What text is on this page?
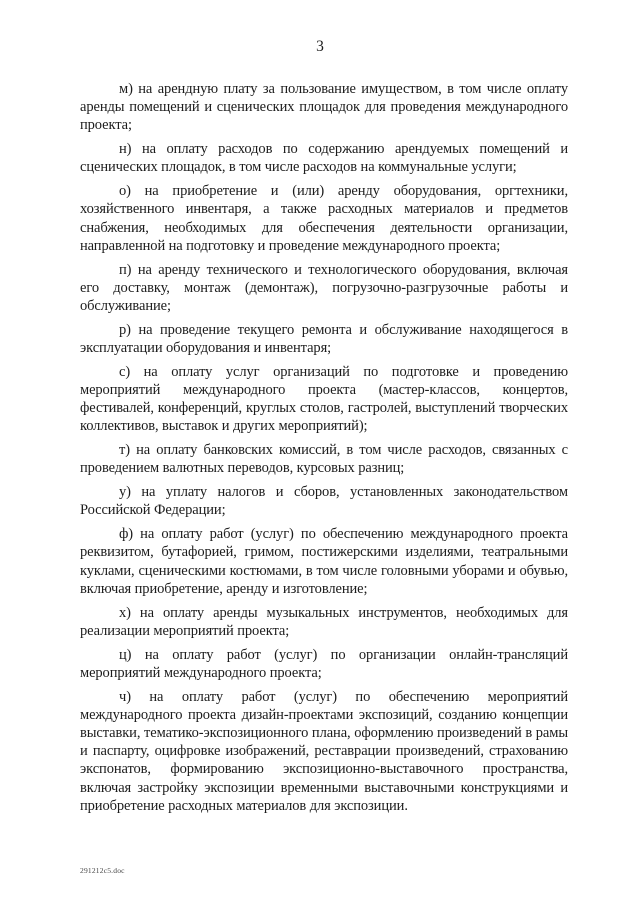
3

м) на арендную плату за пользование имуществом, в том числе оплату аренды помещений и сценических площадок для проведения международного проекта;

н) на оплату расходов по содержанию арендуемых помещений и сценических площадок, в том числе расходов на коммунальные услуги;

о) на приобретение и (или) аренду оборудования, оргтехники, хозяйственного инвентаря, а также расходных материалов и предметов снабжения, необходимых для обеспечения деятельности организации, направленной на подготовку и проведение международного проекта;

п) на аренду технического и технологического оборудования, включая его доставку, монтаж (демонтаж), погрузочно-разгрузочные работы и обслуживание;

р) на проведение текущего ремонта и обслуживание находящегося в эксплуатации оборудования и инвентаря;

с) на оплату услуг организаций по подготовке и проведению мероприятий международного проекта (мастер-классов, концертов, фестивалей, конференций, круглых столов, гастролей, выступлений творческих коллективов, выставок и других мероприятий);

т) на оплату банковских комиссий, в том числе расходов, связанных с проведением валютных переводов, курсовых разниц;

у) на уплату налогов и сборов, установленных законодательством Российской Федерации;

ф) на оплату работ (услуг) по обеспечению международного проекта реквизитом, бутафорией, гримом, постижерскими изделиями, театральными куклами, сценическими костюмами, в том числе головными уборами и обувью, включая приобретение, аренду и изготовление;

х) на оплату аренды музыкальных инструментов, необходимых для реализации мероприятий проекта;

ц) на оплату работ (услуг) по организации онлайн-трансляций мероприятий международного проекта;

ч) на оплату работ (услуг) по обеспечению мероприятий международного проекта дизайн-проектами экспозиций, созданию концепции выставки, тематико-экспозиционного плана, оформлению произведений в рамы и паспарту, оцифровке изображений, реставрации произведений, страхованию экспонатов, формированию экспозиционно-выставочного пространства, включая застройку экспозиции временными выставочными конструкциями и приобретение расходных материалов для экспозиции.

291212c5.doc
